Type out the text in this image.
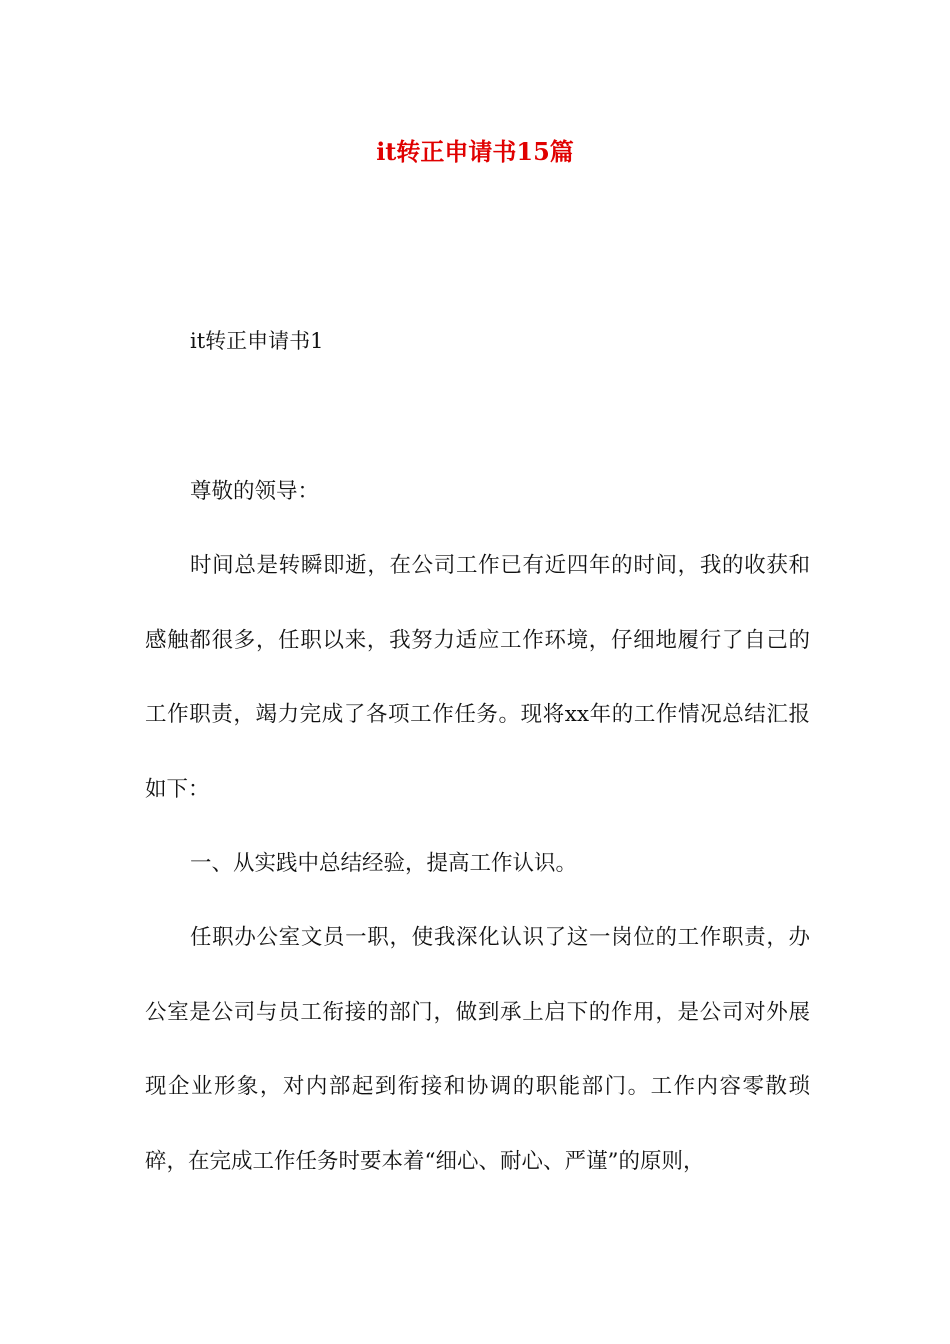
it转正申请书15篇
it转正申请书1

尊敬的领导：

时间总是转瞬即逝，在公司工作已有近四年的时间，我的收获和感触都很多，任职以来，我努力适应工作环境，仔细地履行了自己的工作职责，竭力完成了各项工作任务。现将xx年的工作情况总结汇报如下：

一、从实践中总结经验，提高工作认识。

任职办公室文员一职，使我深化认识了这一岗位的工作职责，办公室是公司与员工衔接的部门，做到承上启下的作用，是公司对外展现企业形象，对内部起到衔接和协调的职能部门。工作内容零散琐碎，在完成工作任务时要本着“细心、耐心、严谨”的原则，
